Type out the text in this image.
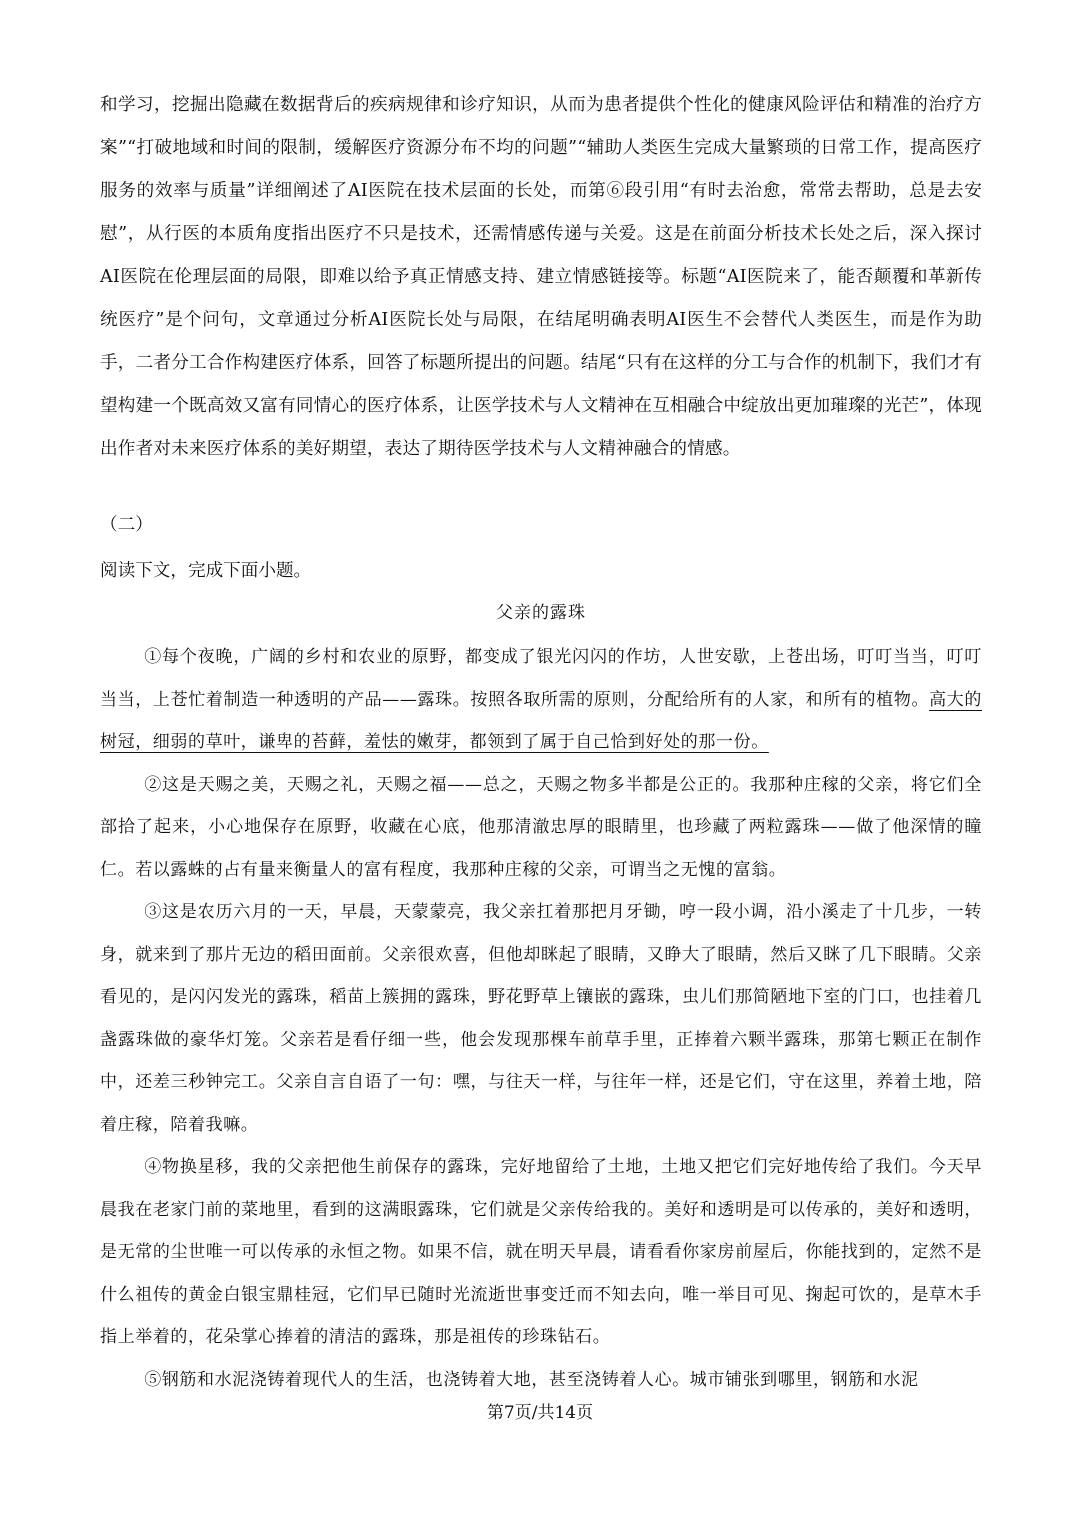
和学习，挖掘出隐藏在数据背后的疾病规律和诊疗知识，从而为患者提供个性化的健康风险评估和精准的治疗方案”“打破地域和时间的限制，缓解医疗资源分布不均的问题”“辅助人类医生完成大量繁琐的日常工作，提高医疗服务的效率与质量”详细阐述了AI医院在技术层面的长处，而第⑥段引用“有时去治愈，常常去帮助，总是去安慰”，从行医的本质角度指出医疗不只是技术，还需情感传递与关爱。这是在前面分析技术长处之后，深入探讨AI医院在伦理层面的局限，即难以给予真正情感支持、建立情感链接等。标题“AI医院来了，能否颠覆和革新传统医疗”是个问句，文章通过分析AI医院长处与局限，在结尾明确表明AI医生不会替代人类医生，而是作为助手，二者分工合作构建医疗体系，回答了标题所提出的问题。结尾“只有在这样的分工与合作的机制下，我们才有望构建一个既高效又富有同情心的医疗体系，让医学技术与人文精神在互相融合中绽放出更加璀璨的光芒”，体现出作者对未来医疗体系的美好期望，表达了期待医学技术与人文精神融合的情感。

（二）
阅读下文，完成下面小题。
父亲的露珠

①每个夜晚，广阔的乡村和农业的原野，都变成了银光闪闪的作坊，人世安歇，上苍出场，叮叮当当，叮叮当当，上苍忙着制造一种透明的产品——露珠。按照各取所需的原则，分配给所有的人家，和所有的植物。高大的树冠，细弱的草叶，谦卑的苔藓，羞怯的嫩芽，都领到了属于自己恰到好处的那一份。

②这是天赐之美，天赐之礼，天赐之福——总之，天赐之物多半都是公正的。我那种庄稼的父亲，将它们全部拾了起来，小心地保存在原野，收藏在心底，他那清澈忠厚的眼睛里，也珍藏了两粒露珠——做了他深情的瞳仁。若以露蛛的占有量来衡量人的富有程度，我那种庄稼的父亲，可谓当之无愧的富翁。

③这是农历六月的一天，早晨，天蒙蒙亮，我父亲扛着那把月牙锄，哼一段小调，沿小溪走了十几步，一转身，就来到了那片无边的稻田面前。父亲很欢喜，但他却眯起了眼睛，又睁大了眼睛，然后又眯了几下眼睛。父亲看见的，是闪闪发光的露珠，稻苗上簇拥的露珠，野花野草上镶嵌的露珠，虫儿们那简陋地下室的门口，也挂着几盏露珠做的豪华灯笼。父亲若是看仔细一些，他会发现那棵车前草手里，正捧着六颗半露珠，那第七颗正在制作中，还差三秒钟完工。父亲自言自语了一句：嘿，与往天一样，与往年一样，还是它们，守在这里，养着土地，陪着庄稼，陪着我嘛。

④物换星移，我的父亲把他生前保存的露珠，完好地留给了土地，土地又把它们完好地传给了我们。今天早晨我在老家门前的菜地里，看到的这满眼露珠，它们就是父亲传给我的。美好和透明是可以传承的，美好和透明，是无常的尘世唯一可以传承的永恒之物。如果不信，就在明天早晨，请看看你家房前屋后，你能找到的，定然不是什么祖传的黄金白银宝鼎桂冠，它们早已随时光流逝世事变迁而不知去向，唯一举目可见、掬起可饮的，是草木手指上举着的，花朵掌心捧着的清洁的露珠，那是祖传的珍珠钻石。

⑤钢筋和水泥浇铸着现代人的生活，也浇铸着大地，甚至浇铸着人心。城市铺张到哪里，钢筋和水泥

第7页/共14页
